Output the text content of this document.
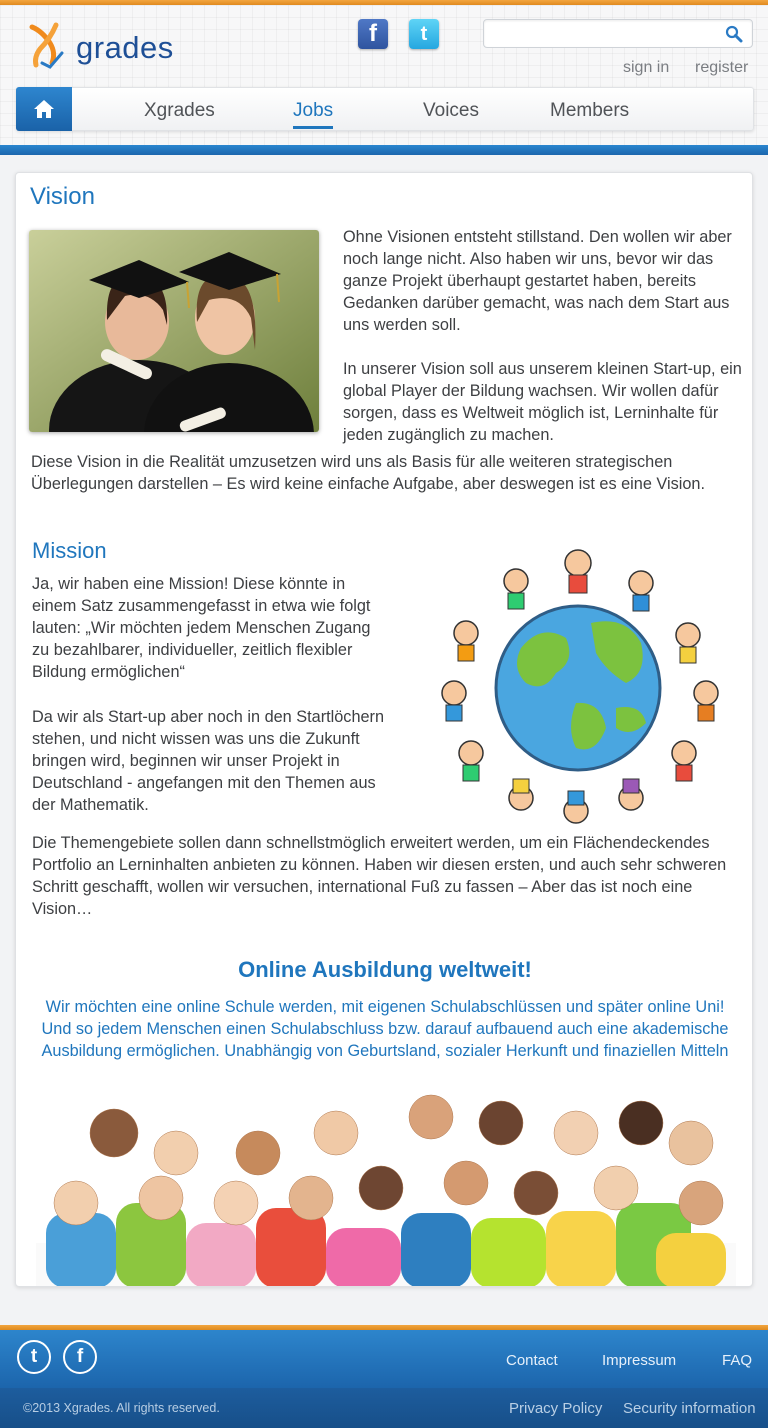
grades	f t
sign in register
Xgrades	Jobs	Voices	Members
Vision

Ohne Visionen entsteht stillstand. Den wollen wir aber noch lange nicht. Also haben wir uns, bevor wir das ganze Projekt überhaupt gestartet haben, bereits Gedanken darüber gemacht, was nach dem Start aus uns werden soll.

In unserer Vision soll aus unserem kleinen Start-up, ein global Player der Bildung wachsen. Wir wollen dafür sorgen, dass es Weltweit möglich ist, Lerninhalte für jeden zugänglich zu machen.

Diese Vision in die Realität umzusetzen wird uns als Basis für alle weiteren strategischen Überlegungen darstellen – Es wird keine einfache Aufgabe, aber deswegen ist es eine Vision.

Mission

Ja, wir haben eine Mission! Diese könnte in einem Satz zusammengefasst in etwa wie folgt lauten: „Wir möchten jedem Menschen Zugang zu bezahlbarer, individueller, zeitlich flexibler Bildung ermöglichen“

Da wir als Start-up aber noch in den Startlöchern stehen, und nicht wissen was uns die Zukunft bringen wird, beginnen wir unser Projekt in Deutschland - angefangen mit den Themen aus der Mathematik.

Die Themengebiete sollen dann schnellstmöglich erweitert werden, um ein Flächendeckendes Portfolio an Lerninhalten anbieten zu können. Haben wir diesen ersten, und auch sehr schweren Schritt geschafft, wollen wir versuchen, international Fuß zu fassen – Aber das ist noch eine Vision…

Online Ausbildung weltweit!

Wir möchten eine online Schule werden, mit eigenen Schulabschlüssen und später online Uni! Und so jedem Menschen einen Schulabschluss bzw. darauf aufbauend auch eine akademische Ausbildung ermöglichen. Unabhängig von Geburtsland, sozialer Herkunft und finaziellen Mitteln

t f	Contact	Impressum	FAQ
©2013 Xgrades. All rights reserved.	Privacy Policy Security information
